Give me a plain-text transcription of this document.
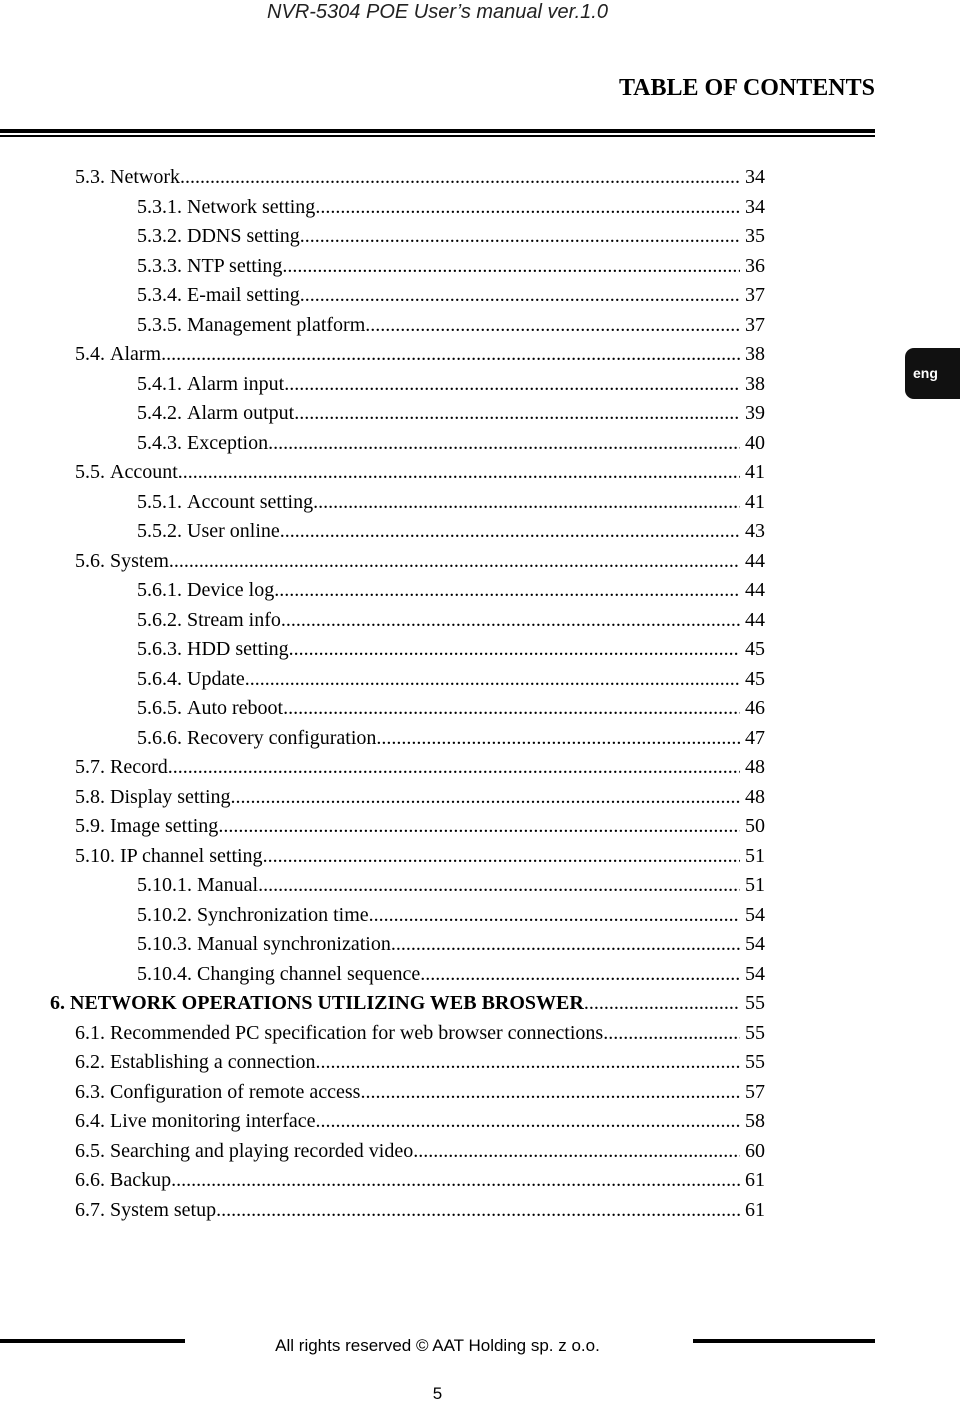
NVR-5304 POE User’s manual ver.1.0
TABLE OF CONTENTS
eng
5.3. Network .....	34
5.3.1. Network setting .....	34
5.3.2. DDNS setting .....	35
5.3.3. NTP setting .....	36
5.3.4. E-mail setting .....	37
5.3.5. Management platform .....	37
5.4. Alarm .....	38
5.4.1. Alarm input .....	38
5.4.2. Alarm output .....	39
5.4.3. Exception .....	40
5.5. Account .....	41
5.5.1. Account setting .....	41
5.5.2. User online .....	43
5.6. System .....	44
5.6.1. Device log .....	44
5.6.2. Stream info .....	44
5.6.3. HDD setting .....	45
5.6.4. Update .....	45
5.6.5. Auto reboot .....	46
5.6.6. Recovery configuration .....	47
5.7. Record .....	48
5.8. Display setting .....	48
5.9. Image setting .....	50
5.10. IP channel setting .....	51
5.10.1. Manual .....	51
5.10.2. Synchronization time .....	54
5.10.3. Manual synchronization .....	54
5.10.4. Changing channel sequence .....	54
6. NETWORK OPERATIONS UTILIZING WEB BROSWER .....	55
6.1. Recommended PC specification for web browser connections .....	55
6.2. Establishing a connection .....	55
6.3. Configuration of remote access .....	57
6.4. Live monitoring interface .....	58
6.5. Searching and playing recorded video .....	60
6.6. Backup .....	61
6.7. System setup .....	61
All rights reserved © AAT Holding sp. z o.o.
5
